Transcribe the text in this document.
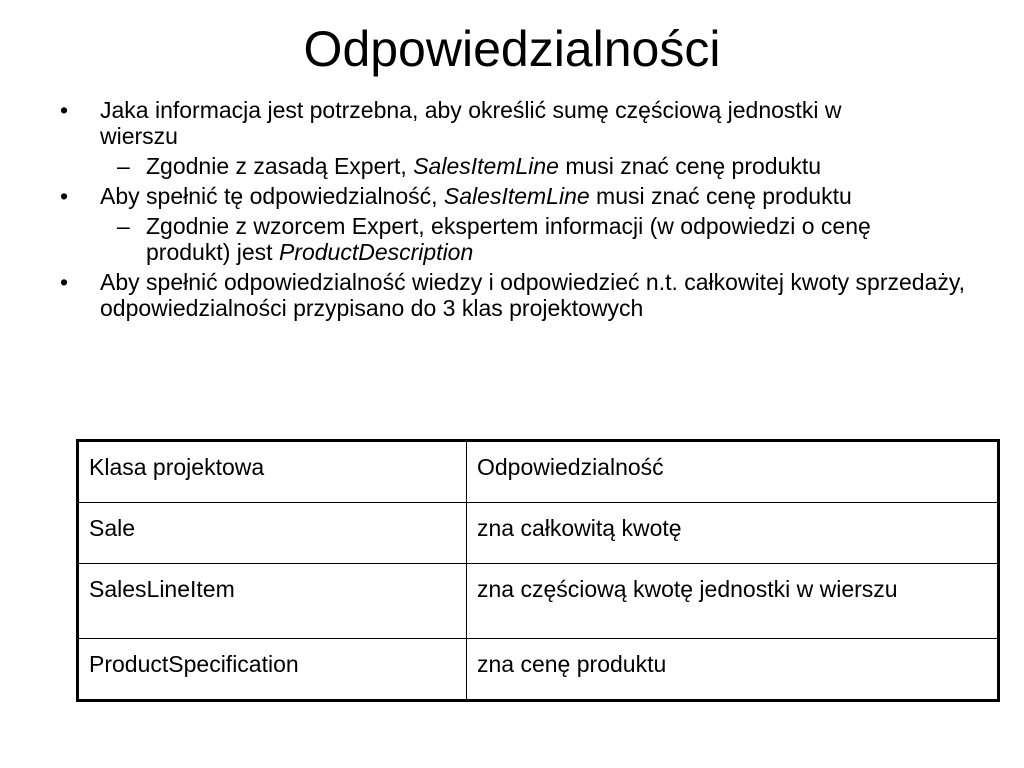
Odpowiedzialności
• Jaka informacja jest potrzebna, aby określić sumę częściową jednostki w wierszu
– Zgodnie z zasadą Expert, SalesItemLine musi znać cenę produktu
• Aby spełnić tę odpowiedzialność, SalesItemLine musi znać cenę produktu
– Zgodnie z wzorcem Expert, ekspertem informacji (w odpowiedzi o cenę produkt) jest ProductDescription
• Aby spełnić odpowiedzialność wiedzy i odpowiedzieć n.t. całkowitej kwoty sprzedaży, odpowiedzialności przypisano do 3 klas projektowych
Klasa projektowa	Odpowiedzialność
Sale	zna całkowitą kwotę
SalesLineItem	zna częściową kwotę jednostki w wierszu
ProductSpecification	zna cenę produktu
